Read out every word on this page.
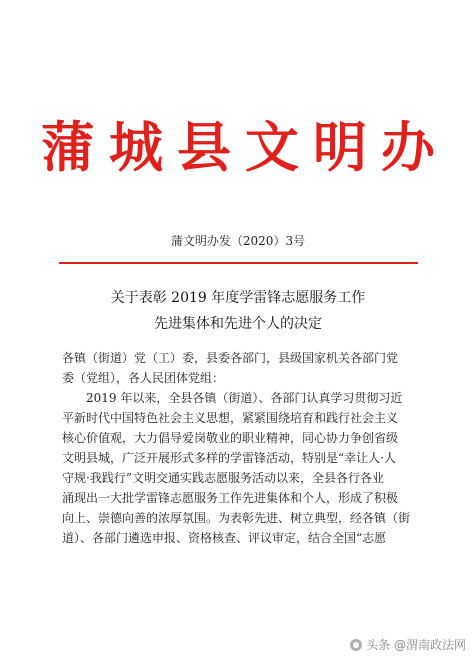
蒲城县文明办
蒲文明办发（2020）3号
关于表彰 2019 年度学雷锋志愿服务工作
先进集体和先进个人的决定
各镇（街道）党（工）委，县委各部门，县级国家机关各部门党
委（党组），各人民团体党组：
　　2019 年以来，全县各镇（街道）、各部门认真学习贯彻习近
平新时代中国特色社会主义思想，紧紧围绕培育和践行社会主义
核心价值观，大力倡导爱岗敬业的职业精神，同心协力争创省级
文明县城，广泛开展形式多样的学雷锋活动，特别是“幸让人·人
守规·我践行”文明交通实践志愿服务活动以来，全县各行各业
涌现出一大批学雷锋志愿服务工作先进集体和个人，形成了积极
向上、崇德向善的浓厚氛围。为表彰先进、树立典型，经各镇（街
道）、各部门遴选申报、资格核查、评议审定，结合全国“志愿
头条 @渭南政法网
